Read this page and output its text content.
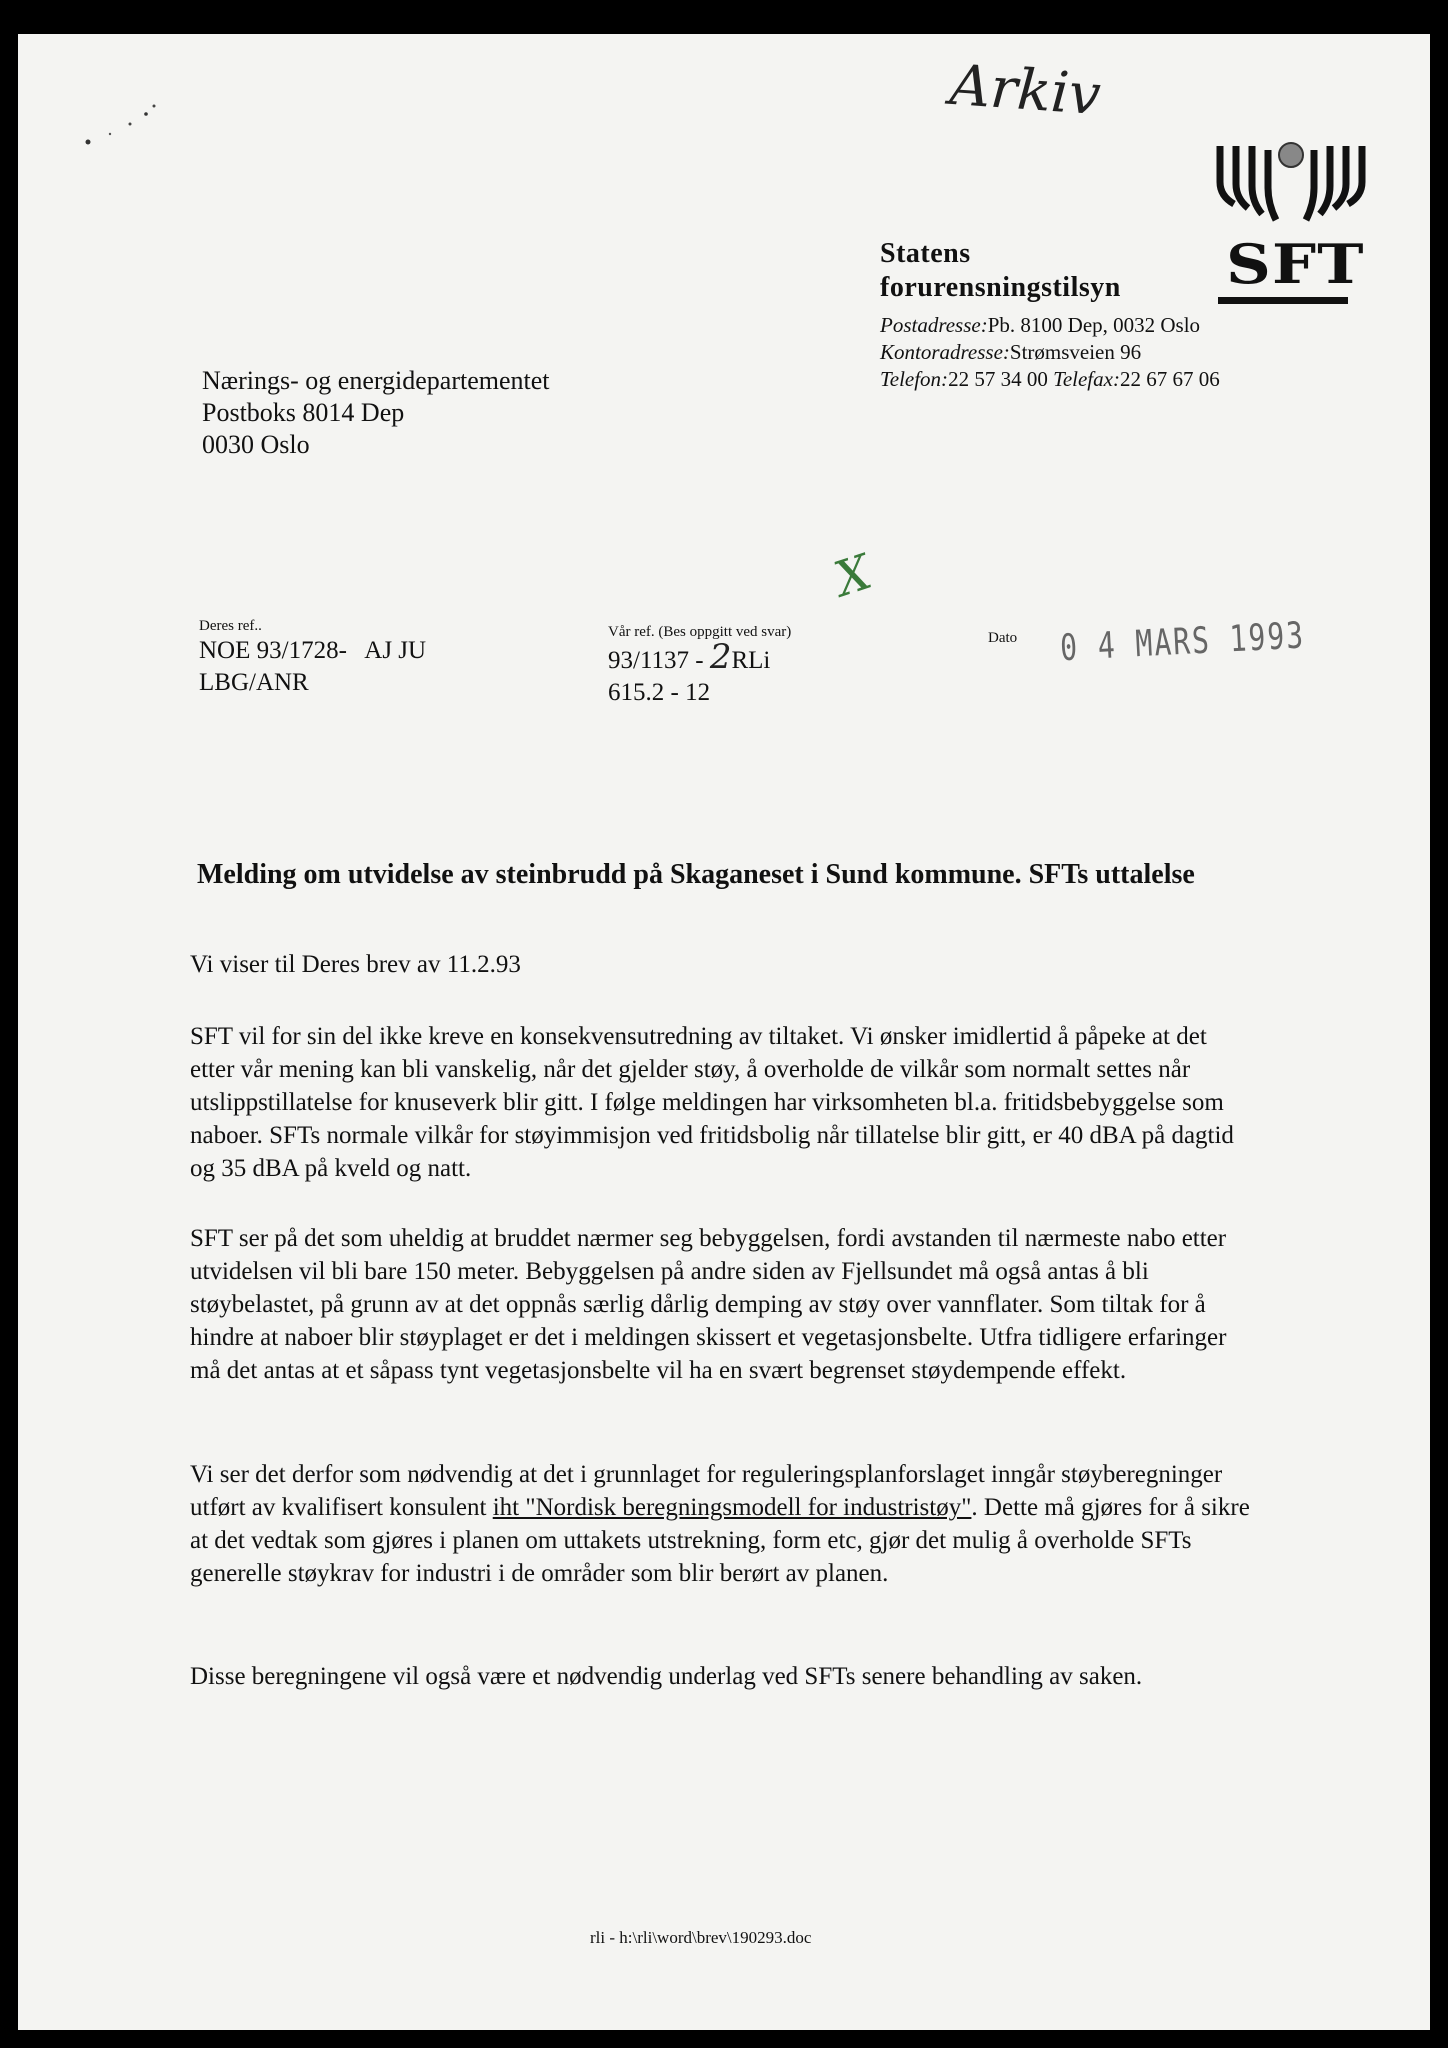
Arkiv
SFT
Statens
forurensningstilsyn
Postadresse:Pb. 8100 Dep, 0032 Oslo
Kontoradresse:Strømsveien 96
Telefon:22 57 34 00 Telefax:22 67 67 06
Nærings- og energidepartementet
Postboks 8014 Dep
0030 Oslo
X
Deres ref..
NOE 93/1728-   AJ JU
LBG/ANR
Vår ref. (Bes oppgitt ved svar)
93/1137 - 2RLi
615.2 - 12
Dato 0 4 MARS 1993
Melding om utvidelse av steinbrudd på Skaganeset i Sund kommune. SFTs uttalelse

Vi viser til Deres brev av 11.2.93

SFT vil for sin del ikke kreve en konsekvensutredning av tiltaket. Vi ønsker imidlertid å påpeke at det etter vår mening kan bli vanskelig, når det gjelder støy, å overholde de vilkår som normalt settes når utslippstillatelse for knuseverk blir gitt. I følge meldingen har virksomheten bl.a. fritidsbebyggelse som naboer. SFTs normale vilkår for støyimmisjon ved fritidsbolig når tillatelse blir gitt, er 40 dBA på dagtid og 35 dBA på kveld og natt.

SFT ser på det som uheldig at bruddet nærmer seg bebyggelsen, fordi avstanden til nærmeste nabo etter utvidelsen vil bli bare 150 meter. Bebyggelsen på andre siden av Fjellsundet må også antas å bli støybelastet, på grunn av at det oppnås særlig dårlig demping av støy over vannflater. Som tiltak for å hindre at naboer blir støyplaget er det i meldingen skissert et vegetasjonsbelte. Utfra tidligere erfaringer må det antas at et såpass tynt vegetasjonsbelte vil ha en svært begrenset støydempende effekt.

Vi ser det derfor som nødvendig at det i grunnlaget for reguleringsplanforslaget inngår støyberegninger utført av kvalifisert konsulent iht "Nordisk beregningsmodell for industristøy". Dette må gjøres for å sikre at det vedtak som gjøres i planen om uttakets utstrekning, form etc, gjør det mulig å overholde SFTs generelle støykrav for industri i de områder som blir berørt av planen.

Disse beregningene vil også være et nødvendig underlag ved SFTs senere behandling av saken.

rli - h:\rli\word\brev\190293.doc
